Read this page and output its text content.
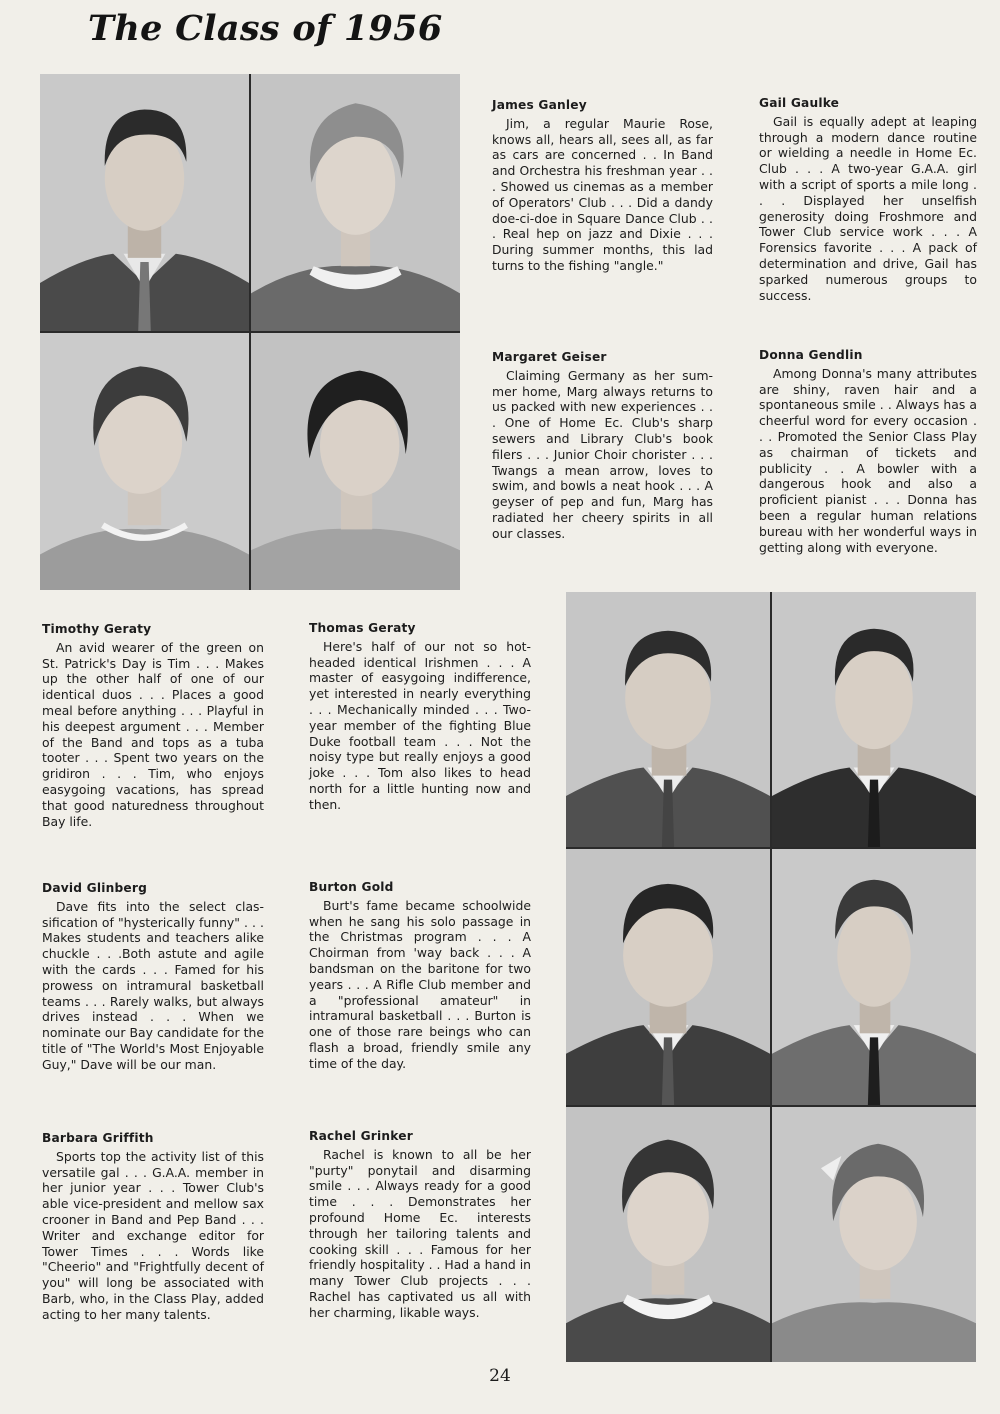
The Class of 1956
James Ganley

Jim, a regular Maurie Rose, knows all, hears all, sees all, as far as cars are concerned . . In Band and Orchestra his freshman year . . . Showed us cinemas as a member of Operators' Club . . . Did a dandy doe-ci-doe in Square Dance Club . . . Real hep on jazz and Dixie . . . During summer months, this lad turns to the fishing "angle."

Gail Gaulke

Gail is equally adept at leaping through a modern dance routine or wielding a needle in Home Ec. Club . . . A two-year G.A.A. girl with a script of sports a mile long . . . Displayed her unselfish generosity doing Froshmore and Tower Club service work . . . A Forensics favorite . . . A pack of determination and drive, Gail has sparked numerous groups to success.

Margaret Geiser

Claiming Germany as her summer home, Marg always returns to us packed with new experiences . . . One of Home Ec. Club's sharp sewers and Library Club's book filers . . . Junior Choir chorister . . . Twangs a mean arrow, loves to swim, and bowls a neat hook . . . A geyser of pep and fun, Marg has radiated her cheery spirits in all our classes.

Donna Gendlin

Among Donna's many attributes are shiny, raven hair and a spontaneous smile . . Always has a cheerful word for every occasion . . . Promoted the Senior Class Play as chairman of tickets and publicity . . A bowler with a dangerous hook and also a proficient pianist . . . Donna has been a regular human relations bureau with her wonderful ways in getting along with everyone.

Timothy Geraty

An avid wearer of the green on St. Patrick's Day is Tim . . . Makes up the other half of one of our identical duos . . . Places a good meal before anything . . . Playful in his deepest argument . . . Member of the Band and tops as a tuba tooter . . . Spent two years on the gridiron . . . Tim, who enjoys easygoing vacations, has spread that good naturedness throughout Bay life.

Thomas Geraty

Here's half of our not so hot-headed identical Irishmen . . . A master of easygoing indifference, yet interested in nearly everything . . . Mechanically minded . . . Two-year member of the fighting Blue Duke football team . . . Not the noisy type but really enjoys a good joke . . . Tom also likes to head north for a little hunting now and then.

David Glinberg

Dave fits into the select classification of "hysterically funny" . . . Makes students and teachers alike chuckle . . .Both astute and agile with the cards . . . Famed for his prowess on intramural basketball teams . . . Rarely walks, but always drives instead . . . When we nominate our Bay candidate for the title of "The World's Most Enjoyable Guy," Dave will be our man.

Burton Gold

Burt's fame became schoolwide when he sang his solo passage in the Christmas program . . . A Choirman from 'way back . . . A bandsman on the baritone for two years . . . A Rifle Club member and a "professional amateur" in intramural basketball . . . Burton is one of those rare beings who can flash a broad, friendly smile any time of the day.

Barbara Griffith

Sports top the activity list of this versatile gal . . . G.A.A. member in her junior year . . . Tower Club's able vice-president and mellow sax crooner in Band and Pep Band . . . Writer and exchange editor for Tower Times . . . Words like "Cheerio" and "Frightfully decent of you" will long be associated with Barb, who, in the Class Play, added acting to her many talents.

Rachel Grinker

Rachel is known to all be her "purty" ponytail and disarming smile . . . Always ready for a good time . . . Demonstrates her profound Home Ec. interests through her tailoring talents and cooking skill . . . Famous for her friendly hospitality . . Had a hand in many Tower Club projects . . . Rachel has captivated us all with her charming, likable ways.

24
